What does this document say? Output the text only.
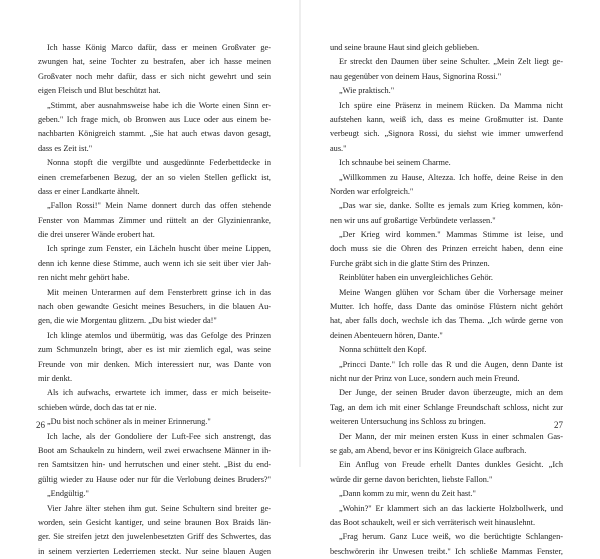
Ich hasse König Marco dafür, dass er meinen Großvater ge-
zwungen hat, seine Tochter zu bestrafen, aber ich hasse meinen
Großvater noch mehr dafür, dass er sich nicht gewehrt und sein
eigen Fleisch und Blut beschützt hat.
„Stimmt, aber ausnahmsweise habe ich die Worte einen Sinn er-
geben." Ich frage mich, ob Bronwen aus Luce oder aus einem be-
nachbarten Königreich stammt. „Sie hat auch etwas davon gesagt,
dass es Zeit ist."
Nonna stopft die vergilbte und ausgedünnte Federbettdecke in
einen cremefarbenen Bezug, der an so vielen Stellen geflickt ist,
dass er einer Landkarte ähnelt.
„Fallon Rossi!" Mein Name donnert durch das offen stehende
Fenster von Mammas Zimmer und rüttelt an der Glyzinienranke,
die drei unserer Wände erobert hat.
Ich springe zum Fenster, ein Lächeln huscht über meine Lippen,
denn ich kenne diese Stimme, auch wenn ich sie seit über vier Jah-
ren nicht mehr gehört habe.
Mit meinen Unterarmen auf dem Fensterbrett grinse ich in das
nach oben gewandte Gesicht meines Besuchers, in die blauen Au-
gen, die wie Morgentau glitzern. „Du bist wieder da!"
Ich klinge atemlos und übermütig, was das Gefolge des Prinzen
zum Schmunzeln bringt, aber es ist mir ziemlich egal, was seine
Freunde von mir denken. Mich interessiert nur, was Dante von
mir denkt.
Als ich aufwachs, erwartete ich immer, dass er mich beiseite-
schieben würde, doch das tat er nie.
„Du bist noch schöner als in meiner Erinnerung."
Ich lache, als der Gondoliere der Luft-Fee sich anstrengt, das
Boot am Schaukeln zu hindern, weil zwei erwachsene Männer in ih-
ren Samtsitzen hin- und herrutschen und einer steht. „Bist du end-
gültig wieder zu Hause oder nur für die Verlobung deines Bruders?"
„Endgültig."
Vier Jahre älter stehen ihm gut. Seine Schultern sind breiter ge-
worden, sein Gesicht kantiger, und seine braunen Box Braids län-
ger. Sie streifen jetzt den juwelenbesetzten Griff des Schwertes, das
in seinem verzierten Lederriemen steckt. Nur seine blauen Augen
26
und seine braune Haut sind gleich geblieben.
Er streckt den Daumen über seine Schulter. „Mein Zelt liegt ge-
nau gegenüber von deinem Haus, Signorina Rossi."
„Wie praktisch."
Ich spüre eine Präsenz in meinem Rücken. Da Mamma nicht
aufstehen kann, weiß ich, dass es meine Großmutter ist. Dante
verbeugt sich. „Signora Rossi, du siehst wie immer umwerfend
aus."
Ich schnaube bei seinem Charme.
„Willkommen zu Hause, Altezza. Ich hoffe, deine Reise in den
Norden war erfolgreich."
„Das war sie, danke. Sollte es jemals zum Krieg kommen, kön-
nen wir uns auf großartige Verbündete verlassen."
„Der Krieg wird kommen." Mammas Stimme ist leise, und
doch muss sie die Ohren des Prinzen erreicht haben, denn eine
Furche gräbt sich in die glatte Stirn des Prinzen.
Reinblüter haben ein unvergleichliches Gehör.
Meine Wangen glühen vor Scham über die Vorhersage meiner
Mutter. Ich hoffe, dass Dante das ominöse Flüstern nicht gehört
hat, aber falls doch, wechsle ich das Thema. „Ich würde gerne von
deinen Abenteuern hören, Dante."
Nonna schüttelt den Kopf.
„Princci Dante." Ich rolle das R und die Augen, denn Dante ist
nicht nur der Prinz von Luce, sondern auch mein Freund.
Der Junge, der seinen Bruder davon überzeugte, mich an dem
Tag, an dem ich mit einer Schlange Freundschaft schloss, nicht zur
weiteren Untersuchung ins Schloss zu bringen.
Der Mann, der mir meinen ersten Kuss in einer schmalen Gas-
se gab, am Abend, bevor er ins Königreich Glace aufbrach.
Ein Anflug von Freude erhellt Dantes dunkles Gesicht. „Ich
würde dir gerne davon berichten, liebste Fallon."
„Dann komm zu mir, wenn du Zeit hast."
„Wohin?" Er klammert sich an das lackierte Holzbollwerk, und
das Boot schaukelt, weil er sich verräterisch weit hinauslehnt.
„Frag herum. Ganz Luce weiß, wo die berüchtigte Schlangen-
beschwörerin ihr Unwesen treibt." Ich schließe Mammas Fenster,
27
